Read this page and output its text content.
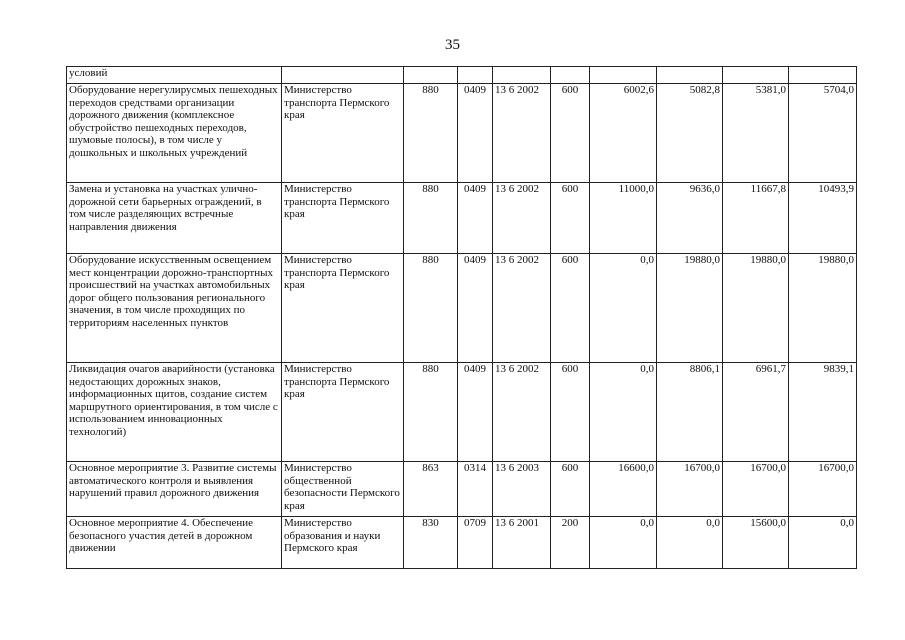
35
условий									
Оборудование нерегулирусмых пешеходных переходов средствами организации дорожного движения (комплексное обустройство пешеходных переходов, шумовые полосы), в том числе у дошкольных и школьных учреждений	Министерство транспорта Пермского края	880	0409	13 6 2002	600	6002,6	5082,8	5381,0	5704,0
Замена и установка на участках улично-дорожной сети барьерных ограждений, в том числе разделяющих встречные направления движения	Министерство транспорта Пермского края	880	0409	13 6 2002	600	11000,0	9636,0	11667,8	10493,9
Оборудование искусственным освещением мест концентрации дорожно-транспортных происшествий на участках автомобильных дорог общего пользования регионального значения, в том числе проходящих по территориям населенных пунктов	Министерство транспорта Пермского края	880	0409	13 6 2002	600	0,0	19880,0	19880,0	19880,0
Ликвидация очагов аварийности (установка недостающих дорожных знаков, информационных щитов, создание систем маршрутного ориентирования, в том числе с использованием инновационных технологий)	Министерство транспорта Пермского края	880	0409	13 6 2002	600	0,0	8806,1	6961,7	9839,1
Основное мероприятие 3. Развитие системы автоматического контроля и выявления нарушений правил дорожного движения	Министерство общественной безопасности Пермского края	863	0314	13 6 2003	600	16600,0	16700,0	16700,0	16700,0
Основное мероприятие 4. Обеспечение безопасного участия детей в дорожном движении	Министерство образования и науки Пермского края	830	0709	13 6 2001	200	0,0	0,0	15600,0	0,0
